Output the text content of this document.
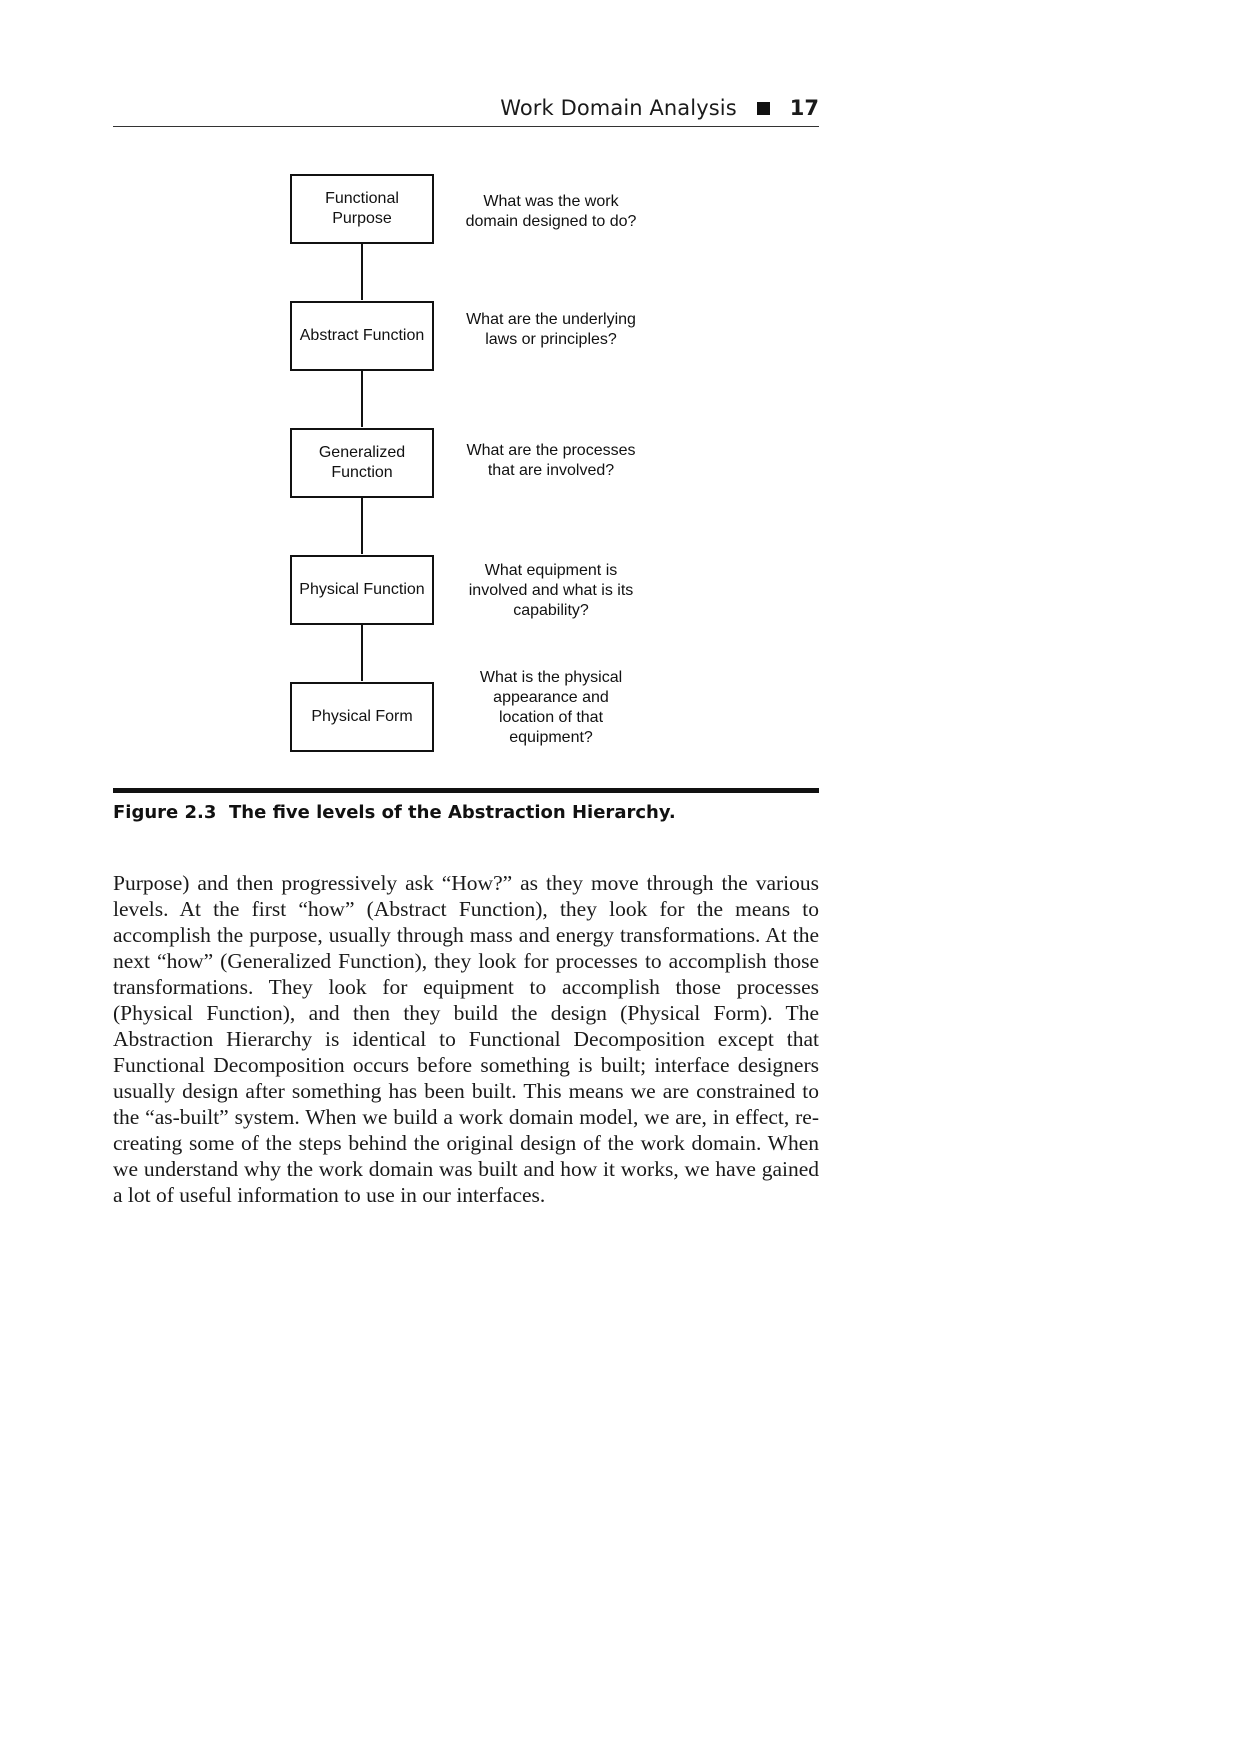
Work Domain Analysis	17
Functional
Purpose
Abstract Function
Generalized
Function
Physical Function
Physical Form
What was the work
domain designed to do?
What are the underlying
laws or principles?
What are the processes
that are involved?
What equipment is
involved and what is its
capability?
What is the physical
appearance and
location of that
equipment?
Figure 2.3 The five levels of the Abstraction Hierarchy.
Purpose) and then progressively ask “How?” as they move through the various levels. At the first “how” (Abstract Function), they look for the means to accomplish the purpose, usually through mass and energy transformations. At the next “how” (Generalized Function), they look for processes to accomplish those transformations. They look for equipment to accomplish those processes (Physical Function), and then they build the design (Physical Form). The Abstraction Hierarchy is identical to Functional Decomposition except that Functional Decomposition occurs before something is built; interface designers usually design after something has been built. This means we are constrained to the “as-built” system. When we build a work domain model, we are, in effect, re-creating some of the steps behind the original design of the work domain. When we understand why the work domain was built and how it works, we have gained a lot of useful information to use in our interfaces.
